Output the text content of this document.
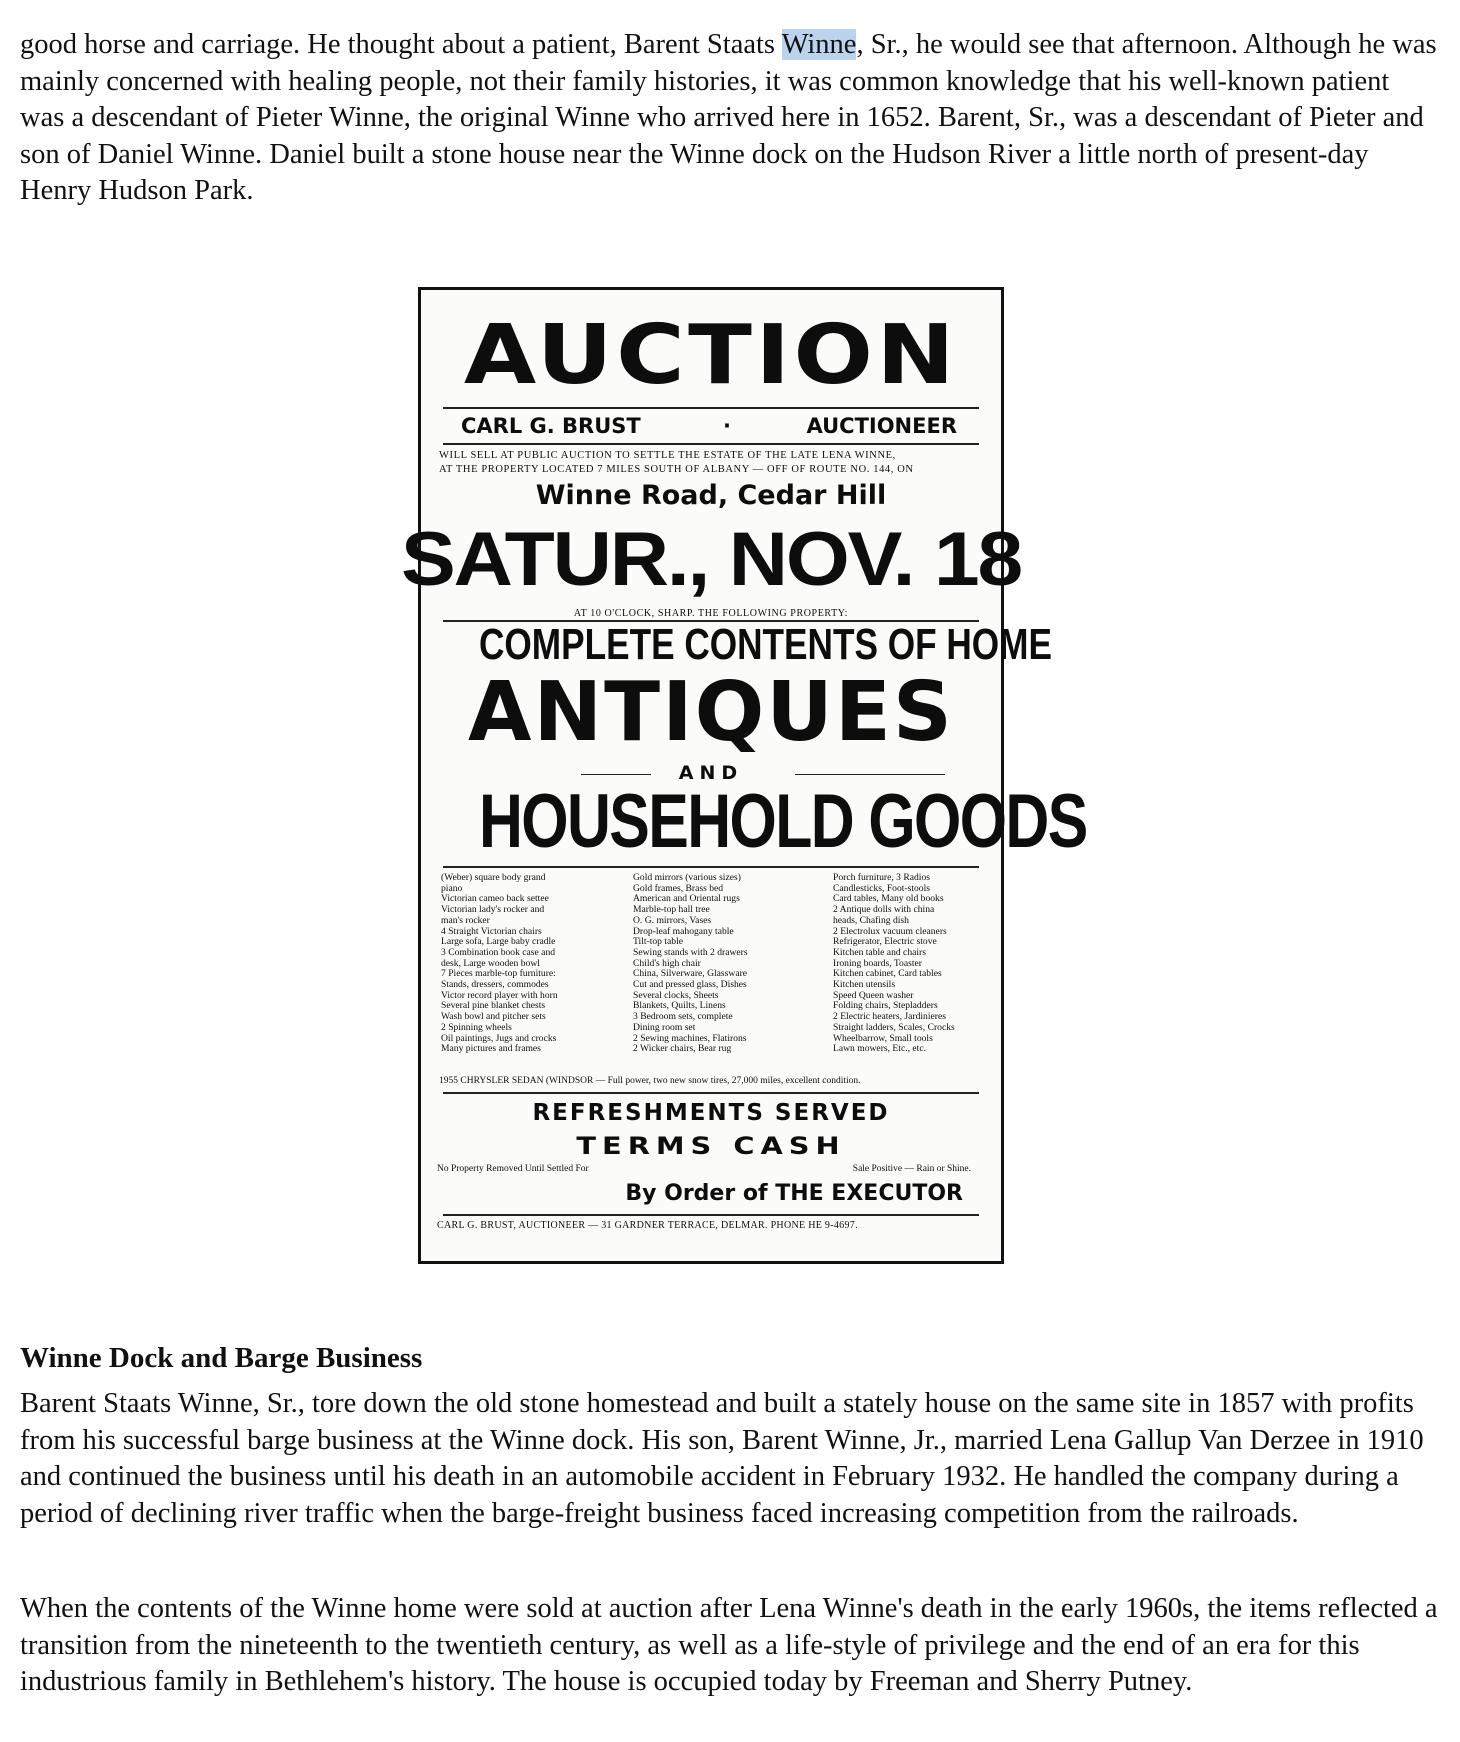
good horse and carriage. He thought about a patient, Barent Staats Winne, Sr., he would see that afternoon. Although he was mainly concerned with healing people, not their family histories, it was common knowledge that his well-known patient was a descendant of Pieter Winne, the original Winne who arrived here in 1652. Barent, Sr., was a descendant of Pieter and son of Daniel Winne. Daniel built a stone house near the Winne dock on the Hudson River a little north of present-day Henry Hudson Park.

AUCTION
CARL G. BRUST	·	AUCTIONEER
WILL SELL AT PUBLIC AUCTION TO SETTLE THE ESTATE OF THE LATE LENA WINNE,
AT THE PROPERTY LOCATED 7 MILES SOUTH OF ALBANY — OFF OF ROUTE NO. 144, ON
Winne Road, Cedar Hill
SATUR., NOV. 18
AT 10 O'CLOCK, SHARP. THE FOLLOWING PROPERTY:
COMPLETE CONTENTS OF HOME
ANTIQUES
AND
HOUSEHOLD GOODS
(Weber) square body grand
piano
Victorian cameo back settee
Victorian lady's rocker and
man's rocker
4 Straight Victorian chairs
Large sofa, Large baby cradle
3 Combination book case and
desk, Large wooden bowl
7 Pieces marble-top furniture:
Stands, dressers, commodes
Victor record player with horn
Several pine blanket chests
Wash bowl and pitcher sets
2 Spinning wheels
Oil paintings, Jugs and crocks
Many pictures and frames
Gold mirrors (various sizes)
Gold frames, Brass bed
American and Oriental rugs
Marble-top hall tree
O. G. mirrors, Vases
Drop-leaf mahogany table
Tilt-top table
Sewing stands with 2 drawers
Child's high chair
China, Silverware, Glassware
Cut and pressed glass, Dishes
Several clocks, Sheets
Blankets, Quilts, Linens
3 Bedroom sets, complete
Dining room set
2 Sewing machines, Flatirons
2 Wicker chairs, Bear rug
Porch furniture, 3 Radios
Candlesticks, Foot-stools
Card tables, Many old books
2 Antique dolls with china
heads, Chafing dish
2 Electrolux vacuum cleaners
Refrigerator, Electric stove
Kitchen table and chairs
Ironing boards, Toaster
Kitchen cabinet, Card tables
Kitchen utensils
Speed Queen washer
Folding chairs, Stepladders
2 Electric heaters, Jardinieres
Straight ladders, Scales, Crocks
Wheelbarrow, Small tools
Lawn mowers, Etc., etc.
1955 CHRYSLER SEDAN (WINDSOR — Full power, two new snow tires, 27,000 miles, excellent condition.
REFRESHMENTS SERVED
TERMS CASH
No Property Removed Until Settled For	Sale Positive — Rain or Shine.
By Order of THE EXECUTOR
CARL G. BRUST, AUCTIONEER — 31 GARDNER TERRACE, DELMAR. PHONE HE 9-4697.
Winne Dock and Barge Business

Barent Staats Winne, Sr., tore down the old stone homestead and built a stately house on the same site in 1857 with profits from his successful barge business at the Winne dock. His son, Barent Winne, Jr., married Lena Gallup Van Derzee in 1910 and continued the business until his death in an automobile accident in February 1932. He handled the company during a period of declining river traffic when the barge-freight business faced increasing competition from the railroads.

When the contents of the Winne home were sold at auction after Lena Winne's death in the early 1960s, the items reflected a transition from the nineteenth to the twentieth century, as well as a life-style of privilege and the end of an era for this industrious family in Bethlehem's history. The house is occupied today by Freeman and Sherry Putney.
